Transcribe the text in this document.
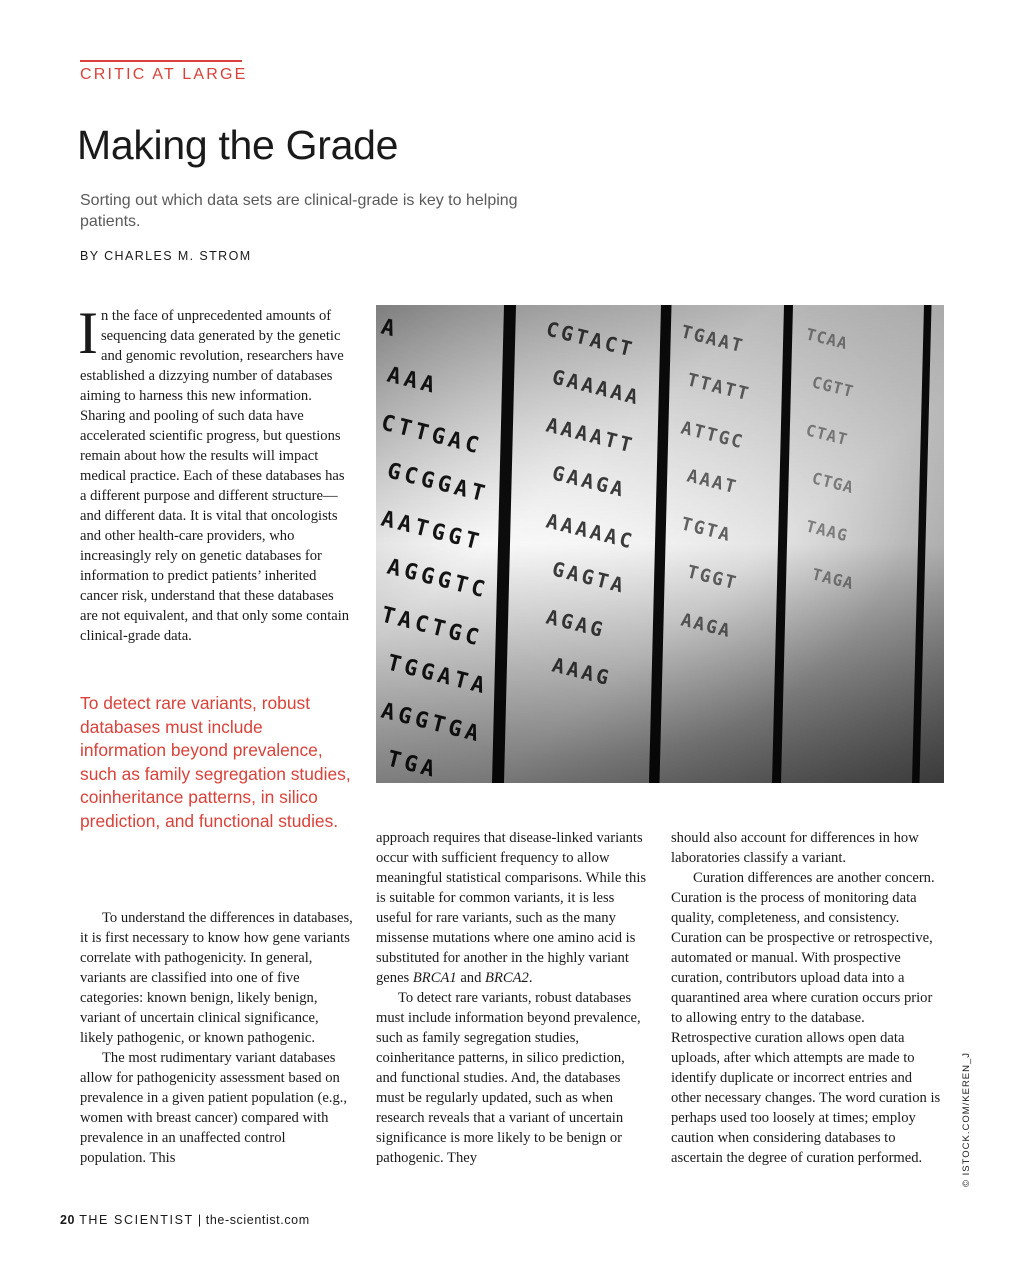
CRITIC AT LARGE
Making the Grade
Sorting out which data sets are clinical-grade is key to helping patients.
BY CHARLES M. STROM

In the face of unprecedented amounts of sequencing data generated by the genetic and genomic revolution, researchers have established a dizzying number of databases aiming to harness this new information. Sharing and pooling of such data have accelerated scientific progress, but questions remain about how the results will impact medical practice. Each of these databases has a different purpose and different structure—and different data. It is vital that oncologists and other health-care providers, who increasingly rely on genetic databases for information to predict patients’ inherited cancer risk, understand that these databases are not equivalent, and that only some contain clinical-grade data.

To detect rare variants, robust databases must include information beyond prevalence, such as family segregation studies, coinheritance patterns, in silico prediction, and functional studies.
© ISTOCK.COM/KEREN_J

To understand the differences in databases, it is first necessary to know how gene variants correlate with pathogenicity. In general, variants are classified into one of five categories: known benign, likely benign, variant of uncertain clinical significance, likely pathogenic, or known pathogenic.

The most rudimentary variant databases allow for pathogenicity assessment based on prevalence in a given patient population (e.g., women with breast cancer) compared with prevalence in an unaffected control population. This

approach requires that disease-linked variants occur with sufficient frequency to allow meaningful statistical comparisons. While this is suitable for common variants, it is less useful for rare variants, such as the many missense mutations where one amino acid is substituted for another in the highly variant genes BRCA1 and BRCA2.

To detect rare variants, robust databases must include information beyond prevalence, such as family segregation studies, coinheritance patterns, in silico prediction, and functional studies. And, the databases must be regularly updated, such as when research reveals that a variant of uncertain significance is more likely to be benign or pathogenic. They

should also account for differences in how laboratories classify a variant.

Curation differences are another concern. Curation is the process of monitoring data quality, completeness, and consistency. Curation can be prospective or retrospective, automated or manual. With prospective curation, contributors upload data into a quarantined area where curation occurs prior to allowing entry to the database. Retrospective curation allows open data uploads, after which attempts are made to identify duplicate or incorrect entries and other necessary changes. The word curation is perhaps used too loosely at times; employ caution when considering databases to ascertain the degree of curation performed.

20 THE SCIENTIST | the-scientist.com
